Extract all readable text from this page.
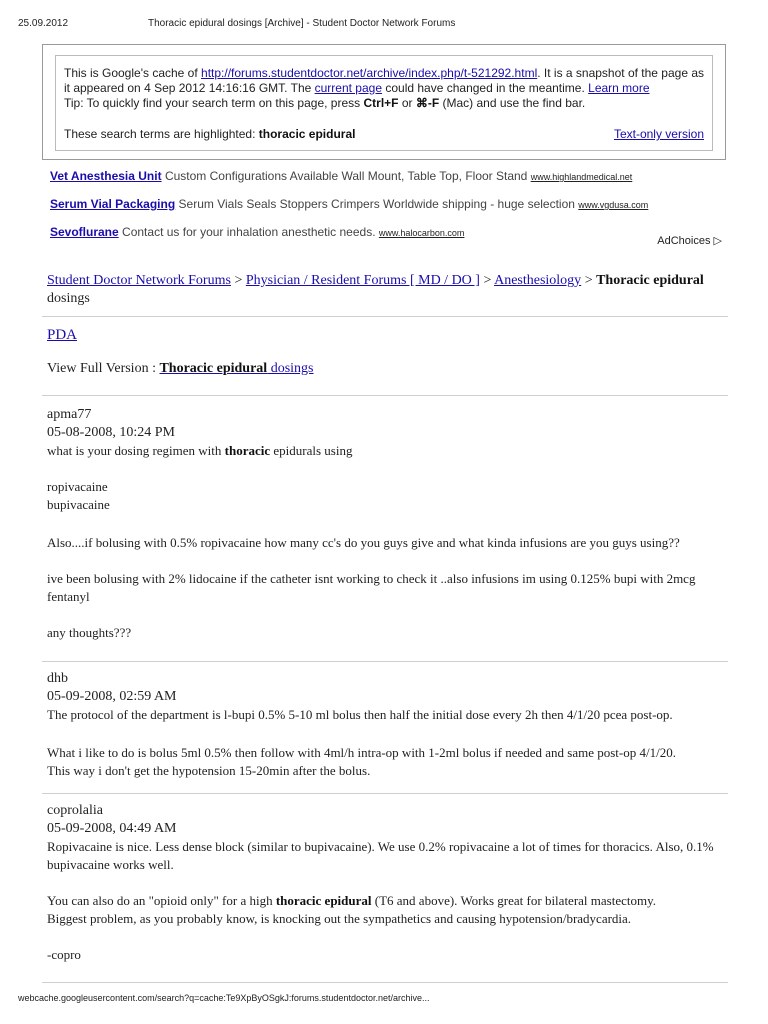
25.09.2012	Thoracic epidural dosings [Archive] - Student Doctor Network Forums
This is Google's cache of http://forums.studentdoctor.net/archive/index.php/t-521292.html. It is a snapshot of the page as it appeared on 4 Sep 2012 14:16:16 GMT. The current page could have changed in the meantime. Learn more
Tip: To quickly find your search term on this page, press Ctrl+F or ⌘-F (Mac) and use the find bar.
These search terms are highlighted: thoracic epidural	Text-only version
Vet Anesthesia Unit Custom Configurations Available Wall Mount, Table Top, Floor Stand www.highlandmedical.net
Serum Vial Packaging Serum Vials Seals Stoppers Crimpers Worldwide shipping - huge selection www.vgdusa.com
Sevoflurane Contact us for your inhalation anesthetic needs. www.halocarbon.com
AdChoices ▷
Student Doctor Network Forums > Physician / Resident Forums [ MD / DO ] > Anesthesiology > Thoracic epidural
dosings
PDA
View Full Version : Thoracic epidural dosings
apma77
05-08-2008, 10:24 PM

what is your dosing regimen with thoracic epidurals using

ropivacaine

bupivacaine

Also....if bolusing with 0.5% ropivacaine how many cc's do you guys give and what kinda infusions are you guys using??

ive been bolusing with 2% lidocaine if the catheter isnt working to check it ..also infusions im using 0.125% bupi with 2mcg fentanyl

any thoughts???

dhb
05-09-2008, 02:59 AM

The protocol of the department is l-bupi 0.5% 5-10 ml bolus then half the initial dose every 2h then 4/1/20 pcea post-op.

What i like to do is bolus 5ml 0.5% then follow with 4ml/h intra-op with 1-2ml bolus if needed and same post-op 4/1/20.

This way i don't get the hypotension 15-20min after the bolus.

coprolalia
05-09-2008, 04:49 AM

Ropivacaine is nice. Less dense block (similar to bupivacaine). We use 0.2% ropivacaine a lot of times for thoracics. Also, 0.1% bupivacaine works well.

You can also do an "opioid only" for a high thoracic epidural (T6 and above). Works great for bilateral mastectomy.

Biggest problem, as you probably know, is knocking out the sympathetics and causing hypotension/bradycardia.

-copro

webcache.googleusercontent.com/search?q=cache:Te9XpByOSgkJ:forums.studentdoctor.net/archive...
